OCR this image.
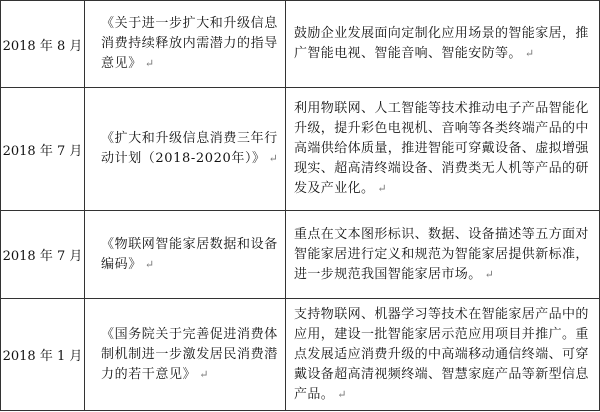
2018 年 8 月	《关于进一步扩大和升级信息消费持续释放内需潜力的指导意见》 ↵	鼓励企业发展面向定制化应用场景的智能家居，推广智能电视、智能音响、智能安防等。 ↵
2018 年 7 月	《扩大和升级信息消费三年行动计划（2018-2020年）》 ↵	利用物联网、人工智能等技术推动电子产品智能化升级，提升彩色电视机、音响等各类终端产品的中高端供给体质量，推进智能可穿戴设备、虚拟增强现实、超高清终端设备、消费类无人机等产品的研发及产业化。 ↵
2018 年 7 月	《物联网智能家居数据和设备编码》 ↵	重点在文本图形标识、数据、设备描述等五方面对智能家居进行定义和规范为智能家居提供新标准，进一步规范我国智能家居市场。 ↵
2018 年 1 月	《国务院关于完善促进消费体制机制进一步激发居民消费潜力的若干意见》 ↵	支持物联网、机器学习等技术在智能家居产品中的应用，建设一批智能家居示范应用项目并推广。重点发展适应消费升级的中高端移动通信终端、可穿戴设备超高清视频终端、智慧家庭产品等新型信息产品。 ↵
